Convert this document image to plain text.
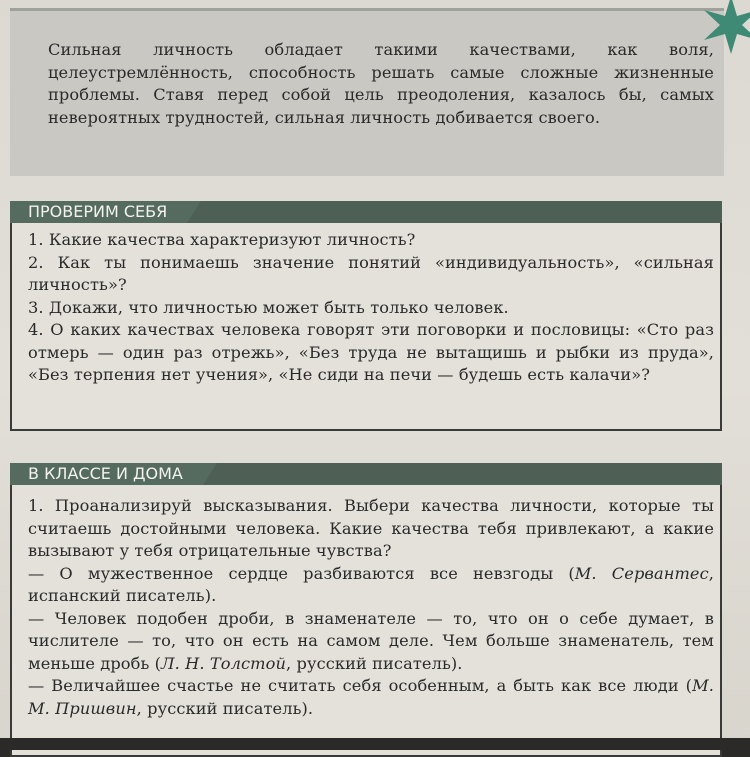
Сильная личность обладает такими качествами, как воля, целеустремлённость, способность решать самые сложные жизненные проблемы. Ставя перед собой цель преодоления, казалось бы, самых невероятных трудностей, сильная личность добивается своего.

ПРОВЕРИМ СЕБЯ

1. Какие качества характеризуют личность?

2. Как ты понимаешь значение понятий «индивидуальность», «сильная личность»?

3. Докажи, что личностью может быть только человек.

4. О каких качествах человека говорят эти поговорки и пословицы: «Сто раз отмерь — один раз отрежь», «Без труда не вытащишь и рыбки из пруда», «Без терпения нет учения», «Не сиди на печи — будешь есть калачи»?

В КЛАССЕ И ДОМА

1. Проанализируй высказывания. Выбери качества личности, которые ты считаешь достойными человека. Какие качества тебя привлекают, а какие вызывают у тебя отрицательные чувства?

— О мужественное сердце разбиваются все невзгоды (М. Сервантес, испанский писатель).

— Человек подобен дроби, в знаменателе — то, что он о себе думает, в числителе — то, что он есть на самом деле. Чем больше знаменатель, тем меньше дробь (Л. Н. Толстой, русский писатель).

— Величайшее счастье не считать себя особенным, а быть как все люди (М. М. Пришвин, русский писатель).
